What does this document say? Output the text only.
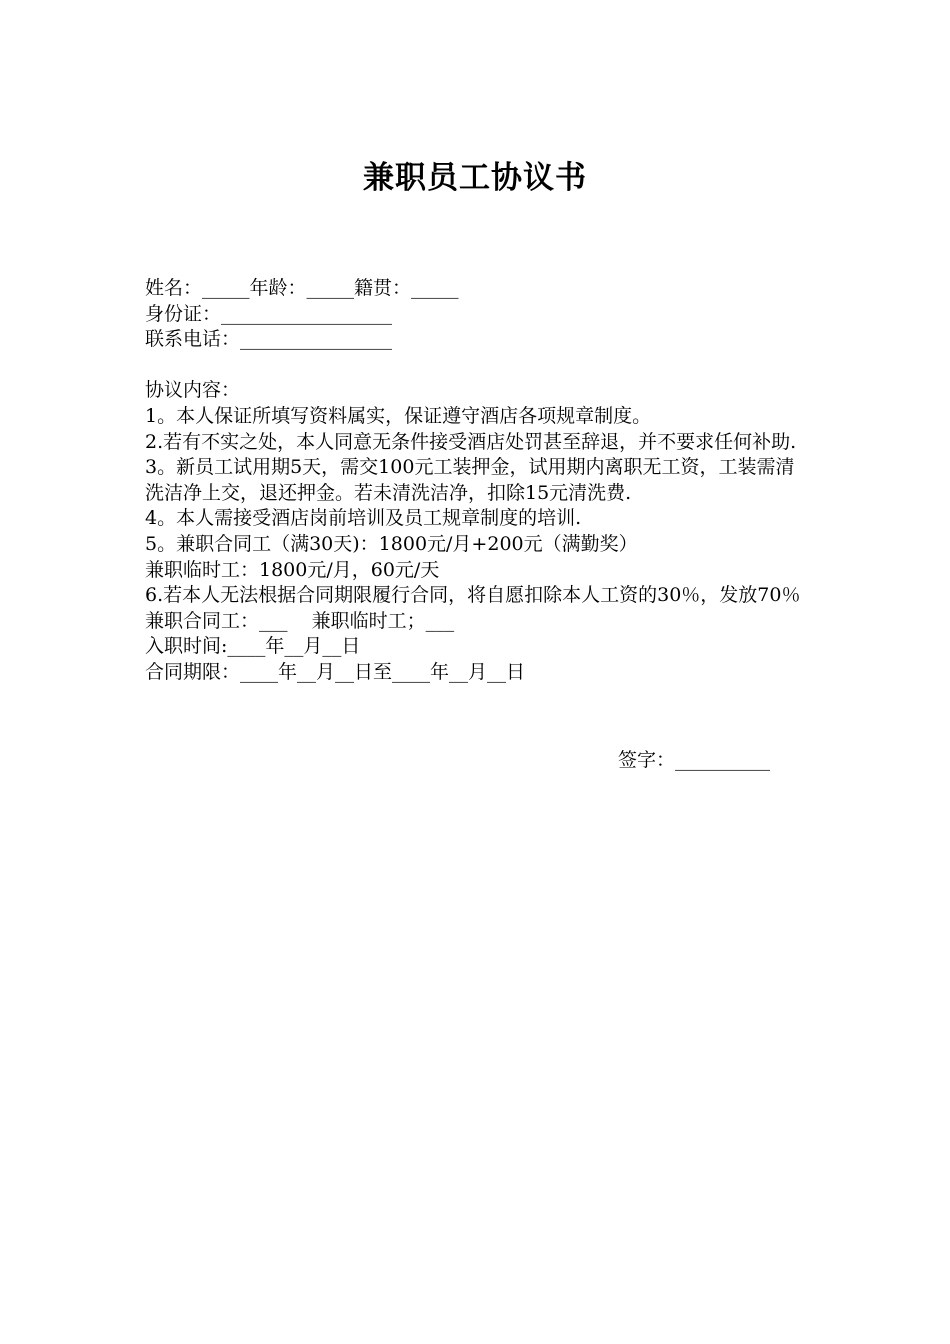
兼职员工协议书
姓名：_____年龄：_____籍贯：_____
身份证：__________________
联系电话：________________
协议内容：
1。本人保证所填写资料属实，保证遵守酒店各项规章制度。
2.若有不实之处，本人同意无条件接受酒店处罚甚至辞退，并不要求任何补助.
3。新员工试用期5天，需交100元工装押金，试用期内离职无工资，工装需清洗洁净上交，退还押金。若未清洗洁净，扣除15元清洗费.
4。本人需接受酒店岗前培训及员工规章制度的培训.
5。兼职合同工（满30天)：1800元/月+200元（满勤奖）
兼职临时工：1800元/月，60元/天
6.若本人无法根据合同期限履行合同，将自愿扣除本人工资的30％，发放70％
兼职合同工：___    兼职临时工；___
入职时间:____年__月__日
合同期限：____年__月__日至____年__月__日
签字：__________
